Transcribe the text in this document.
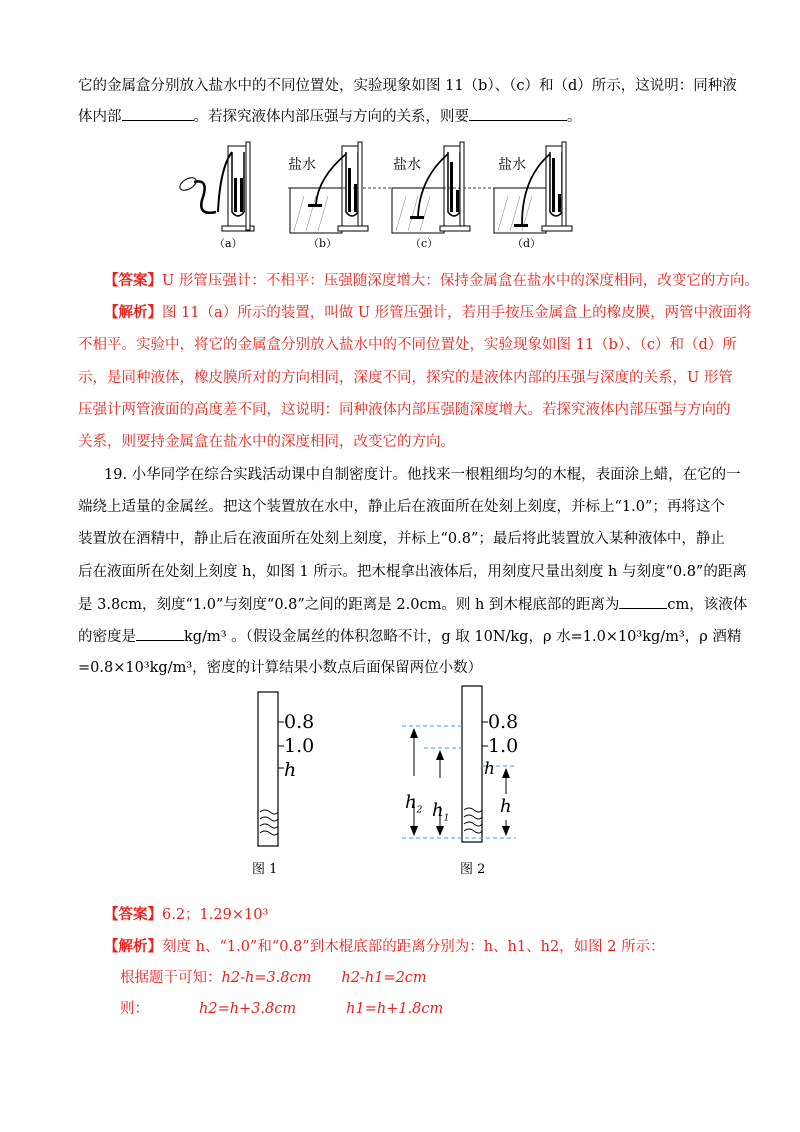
它的金属盒分别放入盐水中的不同位置处，实验现象如图 11（b）、（c）和（d）所示，这说明：同种液
体内部	。若探究液体内部压强与方向的关系，则要	。
盐水	盐水	盐水
（a）	（b）	（c）	（d）
【答案】U 形管压强计：不相平：压强随深度增大：保持金属盒在盐水中的深度相同，改变它的方向。
【解析】图 11（a）所示的装置，叫做 U 形管压强计，若用手按压金属盒上的橡皮膜，两管中液面将
不相平。实验中，将它的金属盒分别放入盐水中的不同位置处，实验现象如图 11（b）、（c）和（d）所
示，是同种液体，橡皮膜所对的方向相同，深度不同，探究的是液体内部的压强与深度的关系，U 形管
压强计两管液面的高度差不同，这说明：同种液体内部压强随深度增大。若探究液体内部压强与方向的
关系，则要持金属盒在盐水中的深度相同，改变它的方向。
19. 小华同学在综合实践活动课中自制密度计。他找来一根粗细均匀的木棍，表面涂上蜡，在它的一
端绕上适量的金属丝。把这个装置放在水中，静止后在液面所在处刻上刻度，并标上“1.0”；再将这个
装置放在酒精中，静止后在液面所在处刻上刻度，并标上“0.8”；最后将此装置放入某种液体中，静止
后在液面所在处刻上刻度 h，如图 1 所示。把木棍拿出液体后，用刻度尺量出刻度 h 与刻度“0.8”的距离
是 3.8cm，刻度“1.0”与刻度“0.8”之间的距离是 2.0cm。则 h 到木棍底部的距离为	cm，该液体
的密度是	kg/m³ 。（假设金属丝的体积忽略不计，g 取 10N/kg，ρ 水=1.0×10³kg/m³，ρ 酒精
=0.8×10³kg/m³，密度的计算结果小数点后面保留两位小数）
0.8
1.0
h
图 1
0.8
1.0
h
$h_2$ $h_1$
h
图 2
【答案】6.2；1.29×10³
【解析】刻度 h、“1.0”和“0.8”到木棍底部的距离分别为：h、h1、h2，如图 2 所示：
根据题干可知：h2-h=3.8cm h2-h1=2cm
则：	h2=h+3.8cm	h1=h+1.8cm
